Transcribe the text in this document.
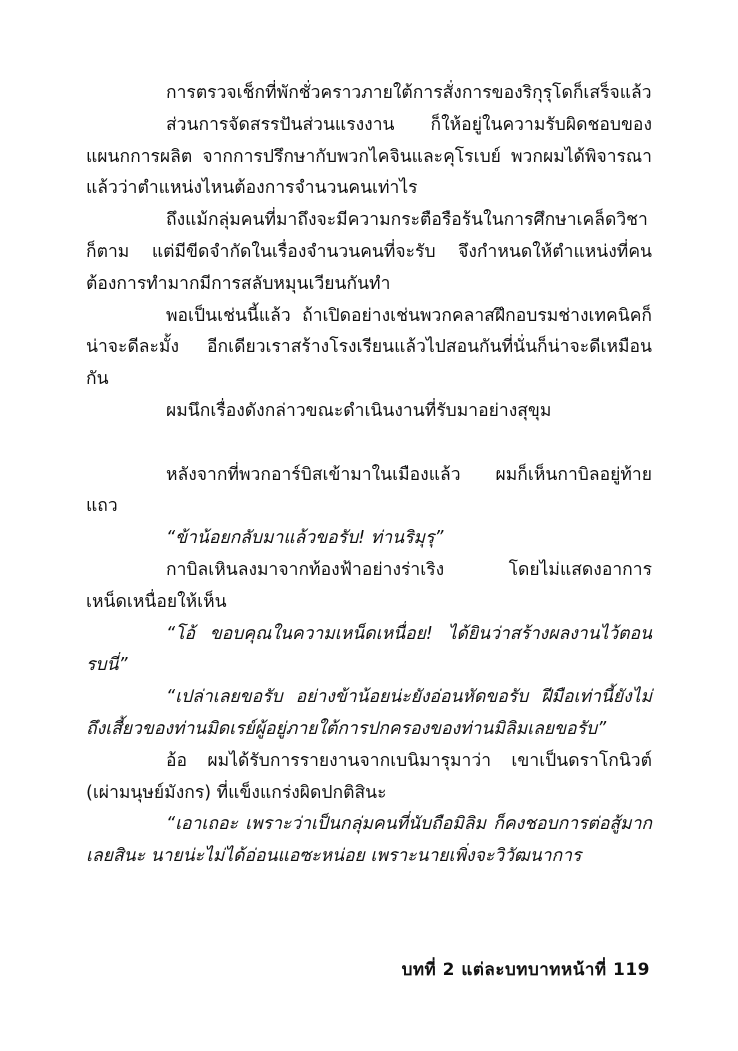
การตรวจเช็กที่พักชั่วคราวภายใต้การสั่งการของริกุรุโดก็เสร็จแล้ว

ส่วนการจัดสรรปันส่วนแรงงาน ก็ให้อยู่ในความรับผิดชอบของแผนกการผลิต จากการปรึกษากับพวกไคจินและคุโรเบย์ พวกผมได้พิจารณาแล้วว่าตำแหน่งไหนต้องการจำนวนคนเท่าไร

ถึงแม้กลุ่มคนที่มาถึงจะมีความกระตือรือร้นในการศึกษาเคล็ดวิชาก็ตาม แต่มีขีดจำกัดในเรื่องจำนวนคนที่จะรับ จึงกำหนดให้ตำแหน่งที่คนต้องการทำมากมีการสลับหมุนเวียนกันทำ

พอเป็นเช่นนี้แล้ว ถ้าเปิดอย่างเช่นพวกคลาสฝึกอบรมช่างเทคนิคก็น่าจะดีละมั้ง อีกเดียวเราสร้างโรงเรียนแล้วไปสอนกันที่นั่นก็น่าจะดีเหมือนกัน

ผมนึกเรื่องดังกล่าวขณะดำเนินงานที่รับมาอย่างสุขุม

หลังจากที่พวกอาร์บิสเข้ามาในเมืองแล้ว ผมก็เห็นกาบิลอยู่ท้ายแถว

“ข้าน้อยกลับมาแล้วขอรับ! ท่านริมุรุ”

กาบิลเหินลงมาจากท้องฟ้าอย่างร่าเริง โดยไม่แสดงอาการเหน็ดเหนื่อยให้เห็น

“โอ้ ขอบคุณในความเหน็ดเหนื่อย! ได้ยินว่าสร้างผลงานไว้ตอนรบนี่”

“เปล่าเลยขอรับ อย่างข้าน้อยน่ะยังอ่อนหัดขอรับ ฝีมือเท่านี้ยังไม่ถึงเสี้ยวของท่านมิดเรย์ผู้อยู่ภายใต้การปกครองของท่านมิลิมเลยขอรับ”

อ้อ ผมได้รับการรายงานจากเบนิมารุมาว่า เขาเป็นดราโกนิวต์ (เผ่ามนุษย์มังกร) ที่แข็งแกร่งผิดปกติสินะ

“เอาเถอะ เพราะว่าเป็นกลุ่มคนที่นับถือมิลิม ก็คงชอบการต่อสู้มากเลยสินะ นายน่ะไม่ได้อ่อนแอซะหน่อย เพราะนายเพิ่งจะวิวัฒนาการ

บทที่ 2 แต่ละบทบาทหน้าที่ 119
